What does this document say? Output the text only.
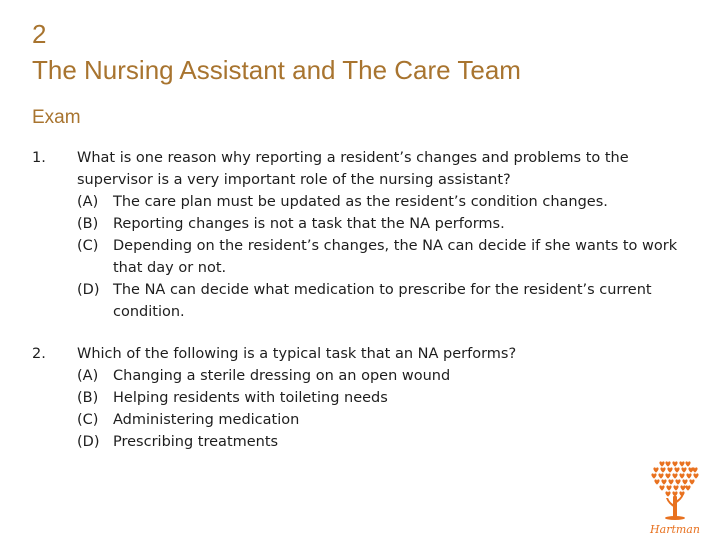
2
The Nursing Assistant and The Care Team
Exam
1. What is one reason why reporting a resident’s changes and problems to the supervisor is a very important role of the nursing assistant?
(A)	The care plan must be updated as the resident’s condition changes.
(B)	Reporting changes is not a task that the NA performs.
(C)	Depending on the resident’s changes, the NA can decide if she wants to work that day or not.
(D) The NA can decide what medication to prescribe for the resident’s current condition.
2. Which of the following is a typical task that an NA performs?
(A)	Changing a sterile dressing on an open wound
(B)	Helping residents with toileting needs
(C)	Administering medication
(D) Prescribing treatments
Hartman
